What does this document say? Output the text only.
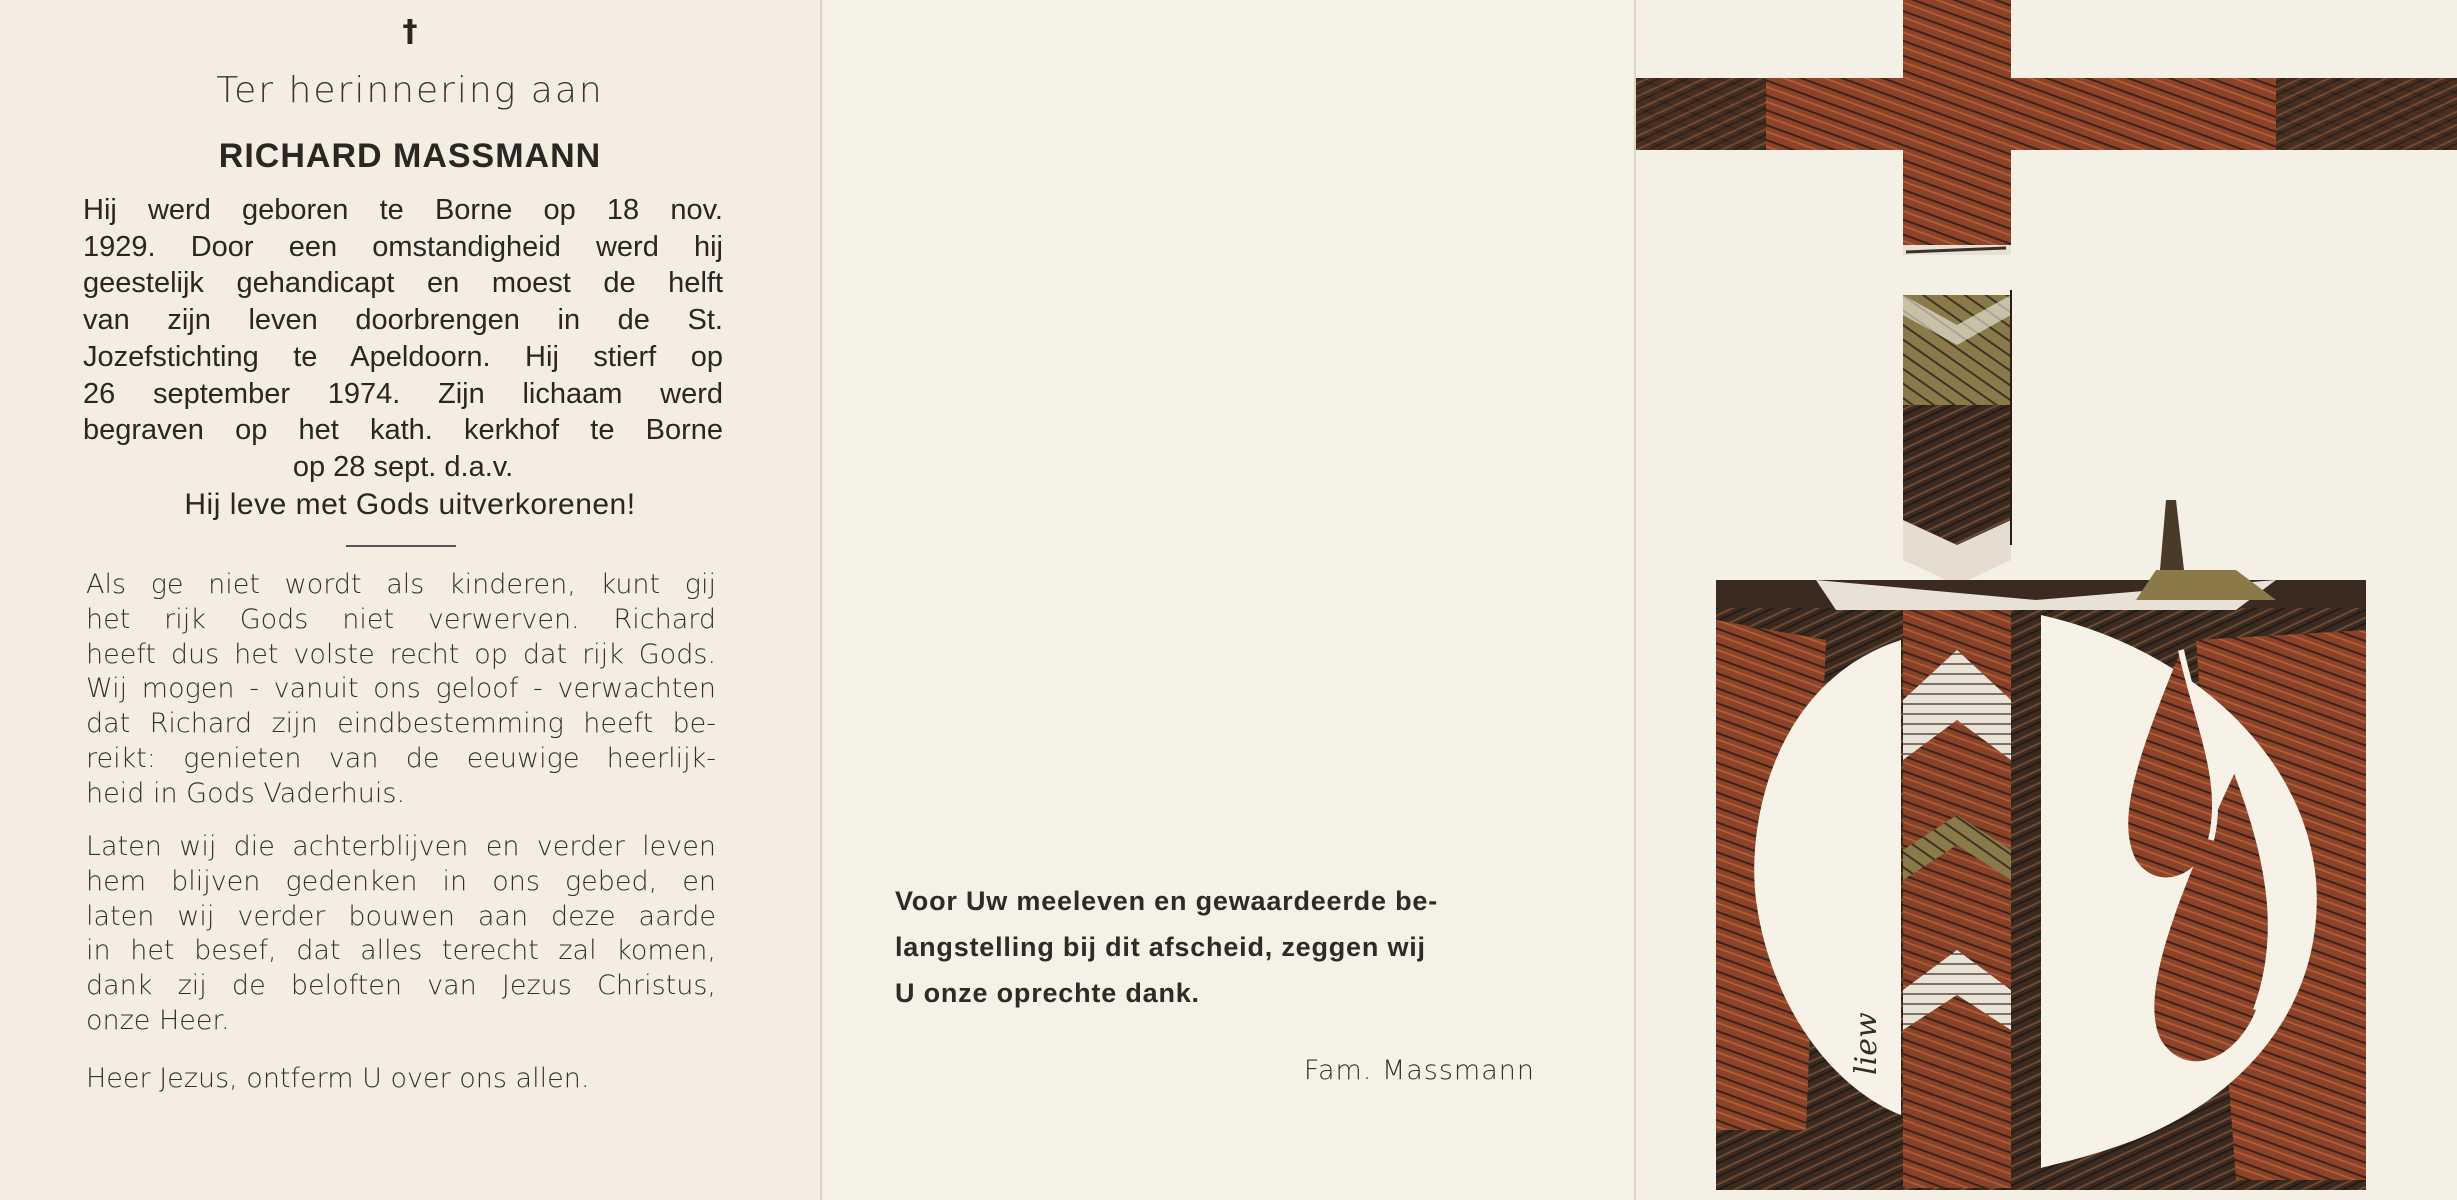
†
Ter herinnering aan
RICHARD MASSMANN
Hij werd geboren te Borne op 18 nov.
1929. Door een omstandigheid werd hij
geestelijk gehandicapt en moest de helft
van zijn leven doorbrengen in de St.
Jozefstichting te Apeldoorn. Hij stierf op
26 september 1974. Zijn lichaam werd
begraven op het kath. kerkhof te Borne
op 28 sept. d.a.v.
Hij leve met Gods uitverkorenen!
Als ge niet wordt als kinderen, kunt gij
het rijk Gods niet verwerven. Richard
heeft dus het volste recht op dat rijk Gods.
Wij mogen - vanuit ons geloof - verwachten
dat Richard zijn eindbestemming heeft be-
reikt: genieten van de eeuwige heerlijk-
heid in Gods Vaderhuis.
Laten wij die achterblijven en verder leven
hem blijven gedenken in ons gebed, en
laten wij verder bouwen aan deze aarde
in het besef, dat alles terecht zal komen,
dank zij de beloften van Jezus Christus,
onze Heer.
Heer Jezus, ontferm U over ons allen.
Voor Uw meeleven en gewaardeerde be-
langstelling bij dit afscheid, zeggen wij
U onze oprechte dank.
Fam. Massmann	liew
